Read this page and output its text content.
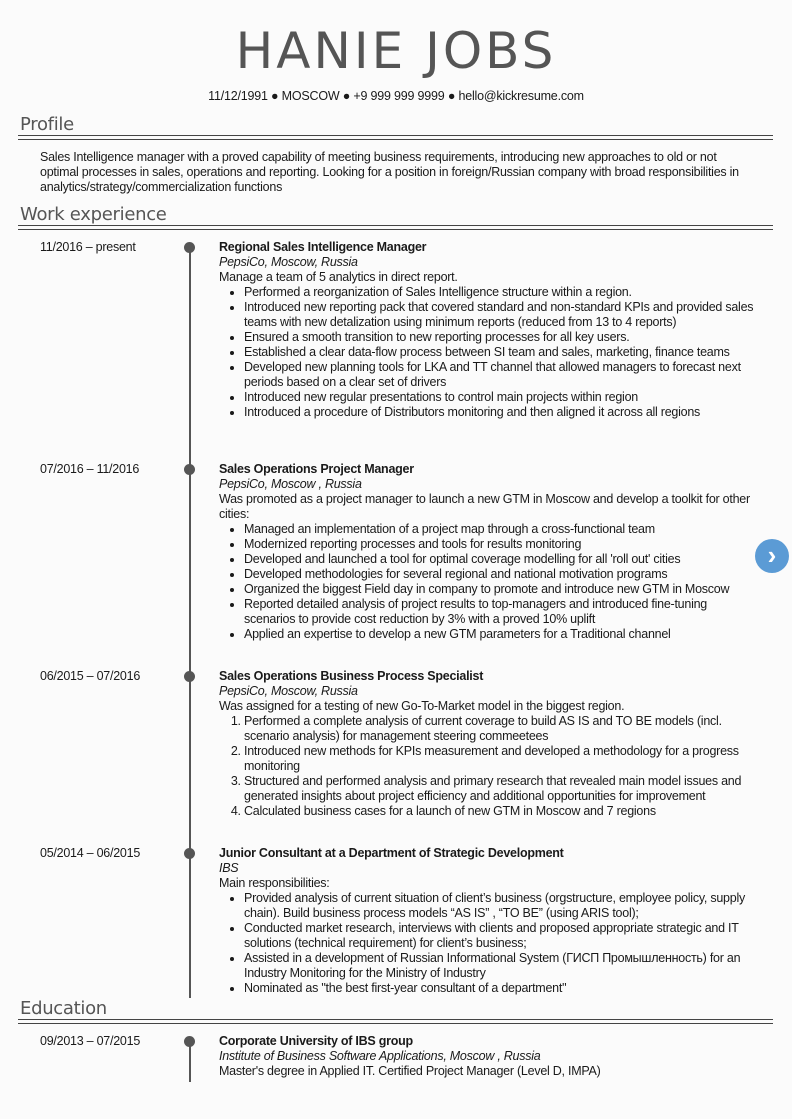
HANIE JOBS
11/12/1991 ● MOSCOW ● +9 999 999 9999 ● hello@kickresume.com
Profile
Sales Intelligence manager with a proved capability of meeting business requirements, introducing new approaches to old or not optimal processes in sales, operations and reporting. Looking for a position in foreign/Russian company with broad responsibilities in analytics/strategy/commercialization functions
Work experience
Education
11/2016 – present	Regional Sales Intelligence Manager
PepsiCo, Moscow, Russia
Manage a team of 5 analytics in direct report.
• Performed a reorganization of Sales Intelligence structure within a region.
• Introduced new reporting pack that covered standard and non-standard KPIs and provided sales teams with new detalization using minimum reports (reduced from 13 to 4 reports)
• Ensured a smooth transition to new reporting processes for all key users.
• Established a clear data-flow process between SI team and sales, marketing, finance teams
• Developed new planning tools for LKA and TT channel that allowed managers to forecast next periods based on a clear set of drivers
• Introduced new regular presentations to control main projects within region
• Introduced a procedure of Distributors monitoring and then aligned it across all regions
07/2016 – 11/2016	Sales Operations Project Manager
PepsiCo, Moscow , Russia
Was promoted as a project manager to launch a new GTM in Moscow and develop a toolkit for other cities:
• Managed an implementation of a project map through a cross-functional team
• Modernized reporting processes and tools for results monitoring
• Developed and launched a tool for optimal coverage modelling for all 'roll out' cities
• Developed methodologies for several regional and national motivation programs
• Organized the biggest Field day in company to promote and introduce new GTM in Moscow
• Reported detailed analysis of project results to top-managers and introduced fine-tuning scenarios to provide cost reduction by 3% with a proved 10% uplift
• Applied an expertise to develop a new GTM parameters for a Traditional channel
06/2015 – 07/2016	Sales Operations Business Process Specialist
PepsiCo, Moscow, Russia
Was assigned for a testing of new Go-To-Market model in the biggest region.
1. Performed a complete analysis of current coverage to build AS IS and TO BE models (incl. scenario analysis) for management steering commeetees
2. Introduced new methods for KPIs measurement and developed a methodology for a progress monitoring
3. Structured and performed analysis and primary research that revealed main model issues and generated insights about project efficiency and additional opportunities for improvement
4. Calculated business cases for a launch of new GTM in Moscow and 7 regions
05/2014 – 06/2015	Junior Consultant at a Department of Strategic Development
IBS
Main responsibilities:
• Provided analysis of current situation of client’s business (orgstructure, employee policy, supply chain). Build business process models “AS IS” , “TO BE” (using ARIS tool);
• Conducted market research, interviews with clients and proposed appropriate strategic and IT solutions (technical requirement) for client’s business;
• Assisted in a development of Russian Informational System (ГИСП Промышленность) for an Industry Monitoring for the Ministry of Industry
• Nominated as "the best first-year consultant of a department"
09/2013 – 07/2015	Corporate University of IBS group
Institute of Business Software Applications, Moscow , Russia
Master's degree in Applied IT. Certified Project Manager (Level D, IMPA)
›
